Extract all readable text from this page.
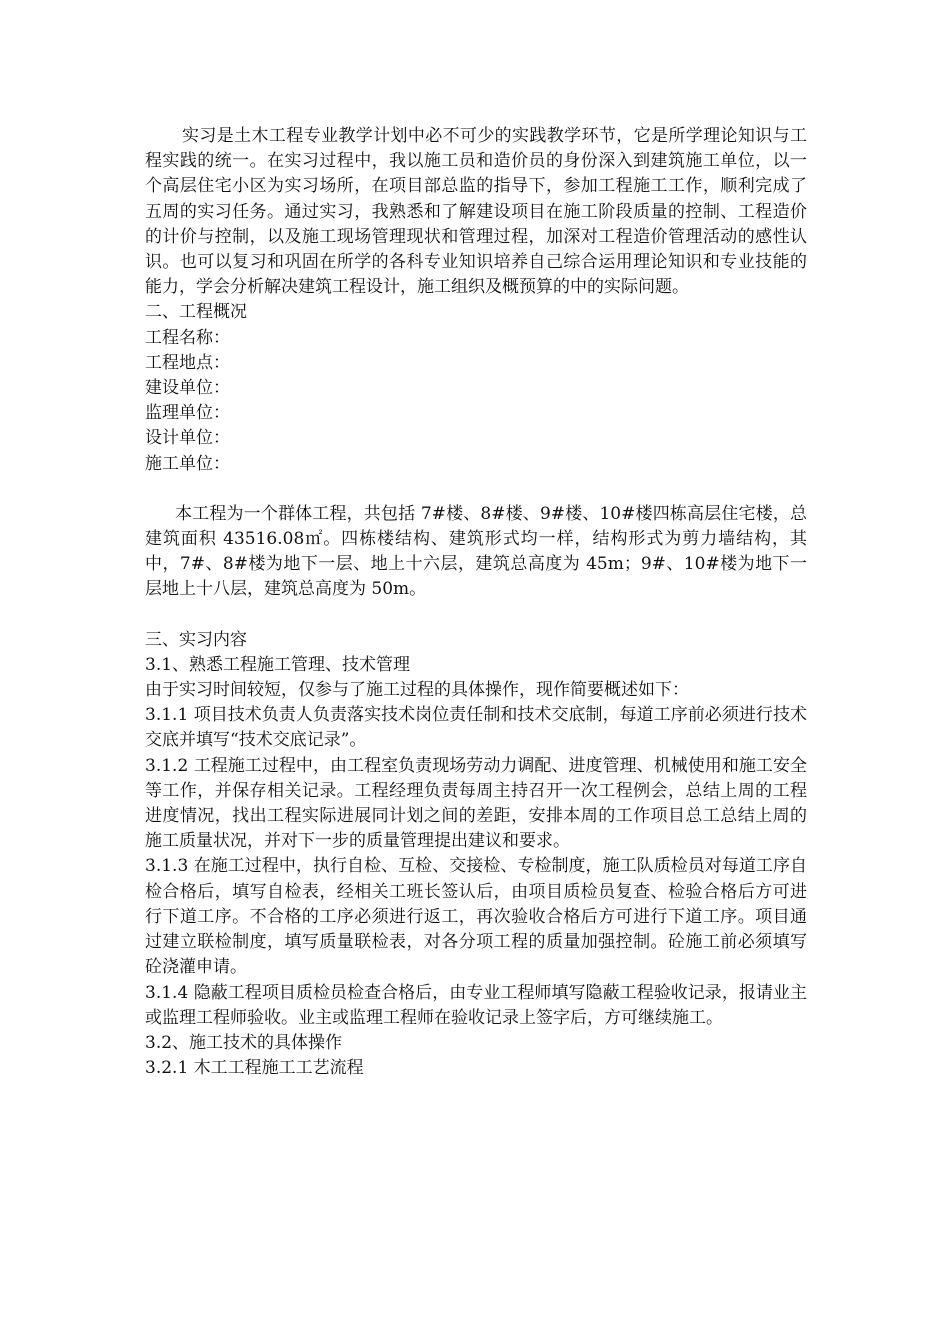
实习是土木工程专业教学计划中必不可少的实践教学环节，它是所学理论知识与工程实践的统一。在实习过程中，我以施工员和造价员的身份深入到建筑施工单位，以一个高层住宅小区为实习场所，在项目部总监的指导下，参加工程施工工作，顺利完成了五周的实习任务。通过实习，我熟悉和了解建设项目在施工阶段质量的控制、工程造价的计价与控制，以及施工现场管理现状和管理过程，加深对工程造价管理活动的感性认识。也可以复习和巩固在所学的各科专业知识培养自己综合运用理论知识和专业技能的能力，学会分析解决建筑工程设计，施工组织及概预算的中的实际问题。

二、工程概况

工程名称：

工程地点：

建设单位：

监理单位：

设计单位：

施工单位：

本工程为一个群体工程，共包括 7#楼、8#楼、9#楼、10#楼四栋高层住宅楼，总建筑面积 43516.08㎡。四栋楼结构、建筑形式均一样，结构形式为剪力墙结构，其中，7#、8#楼为地下一层、地上十六层，建筑总高度为 45m；9#、10#楼为地下一层地上十八层，建筑总高度为 50m。

三、实习内容

3.1、熟悉工程施工管理、技术管理

由于实习时间较短，仅参与了施工过程的具体操作，现作简要概述如下：

3.1.1 项目技术负责人负责落实技术岗位责任制和技术交底制，每道工序前必须进行技术交底并填写“技术交底记录”。

3.1.2 工程施工过程中，由工程室负责现场劳动力调配、进度管理、机械使用和施工安全等工作，并保存相关记录。工程经理负责每周主持召开一次工程例会，总结上周的工程进度情况，找出工程实际进展同计划之间的差距，安排本周的工作项目总工总结上周的施工质量状况，并对下一步的质量管理提出建议和要求。

3.1.3 在施工过程中，执行自检、互检、交接检、专检制度，施工队质检员对每道工序自检合格后，填写自检表，经相关工班长签认后，由项目质检员复查、检验合格后方可进行下道工序。不合格的工序必须进行返工，再次验收合格后方可进行下道工序。项目通过建立联检制度，填写质量联检表，对各分项工程的质量加强控制。砼施工前必须填写砼浇灌申请。

3.1.4 隐蔽工程项目质检员检查合格后，由专业工程师填写隐蔽工程验收记录，报请业主或监理工程师验收。业主或监理工程师在验收记录上签字后，方可继续施工。

3.2、施工技术的具体操作

3.2.1 木工工程施工工艺流程
